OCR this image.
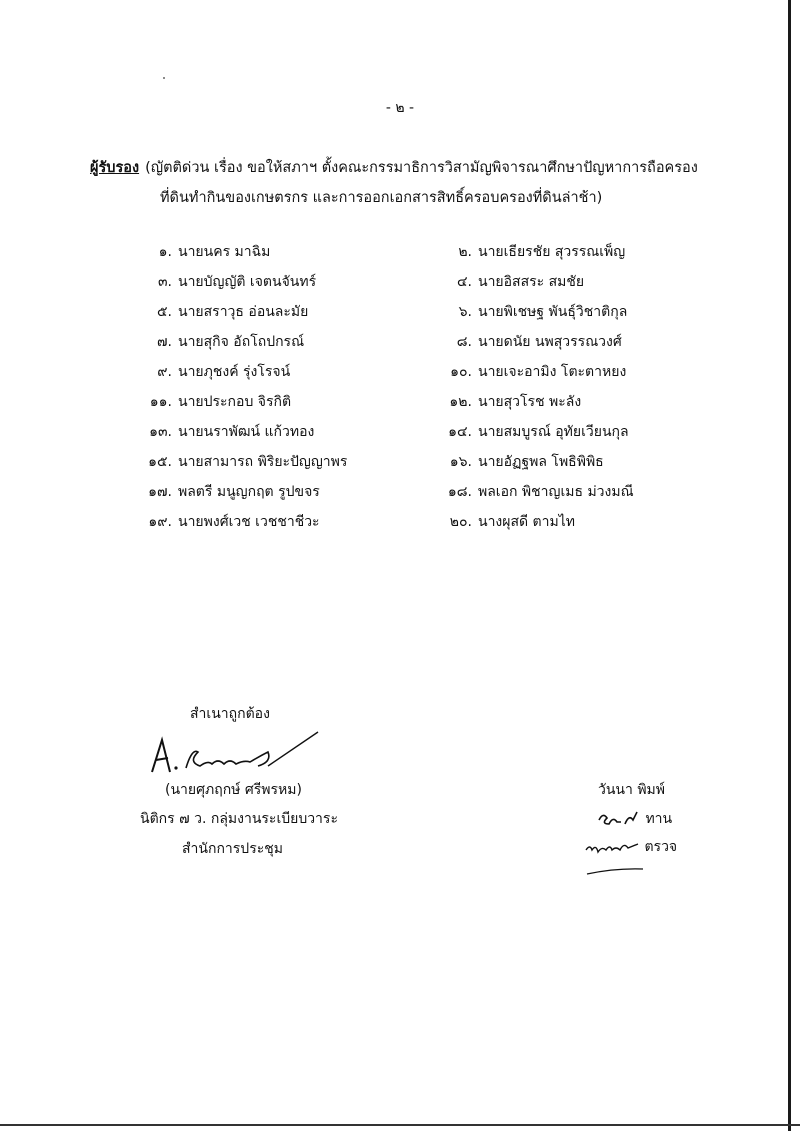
- ๒ -
ผู้รับรอง (ญัตติด่วน เรื่อง ขอให้สภาฯ ตั้งคณะกรรมาธิการวิสามัญพิจารณาศึกษาปัญหาการถือครอง
ที่ดินทำกินของเกษตรกร และการออกเอกสารสิทธิ์ครอบครองที่ดินล่าช้า)
๑. นายนคร มาฉิม
๓. นายบัญญัติ เจตนจันทร์
๕. นายสราวุธ อ่อนละมัย
๗. นายสุกิจ อัถโถปกรณ์
๙. นายภุชงค์ รุ่งโรจน์
๑๑. นายประกอบ จิรกิติ
๑๓. นายนราพัฒน์ แก้วทอง
๑๕. นายสามารถ พิริยะปัญญาพร
๑๗. พลตรี มนูญกฤต รูปขจร
๑๙. นายพงศ์เวช เวชชาชีวะ
๒. นายเธียรชัย สุวรรณเพ็ญ
๔. นายอิสสระ สมชัย
๖. นายพิเชษฐ พันธุ์วิชาติกุล
๘. นายดนัย นพสุวรรณวงศ์
๑๐. นายเจะอามิง โตะตาหยง
๑๒. นายสุวโรช พะลัง
๑๔. นายสมบูรณ์ อุทัยเวียนกุล
๑๖. นายอัฏฐพล โพธิพิพิธ
๑๘. พลเอก พิชาญเมธ ม่วงมณี
๒๐. นางผุสดี ตามไท
สำเนาถูกต้อง
(นายศุภฤกษ์ ศรีพรหม)
นิติกร ๗ ว. กลุ่มงานระเบียบวาระ
สำนักการประชุม
วันนา พิมพ์
ทาน
ตรวจ
